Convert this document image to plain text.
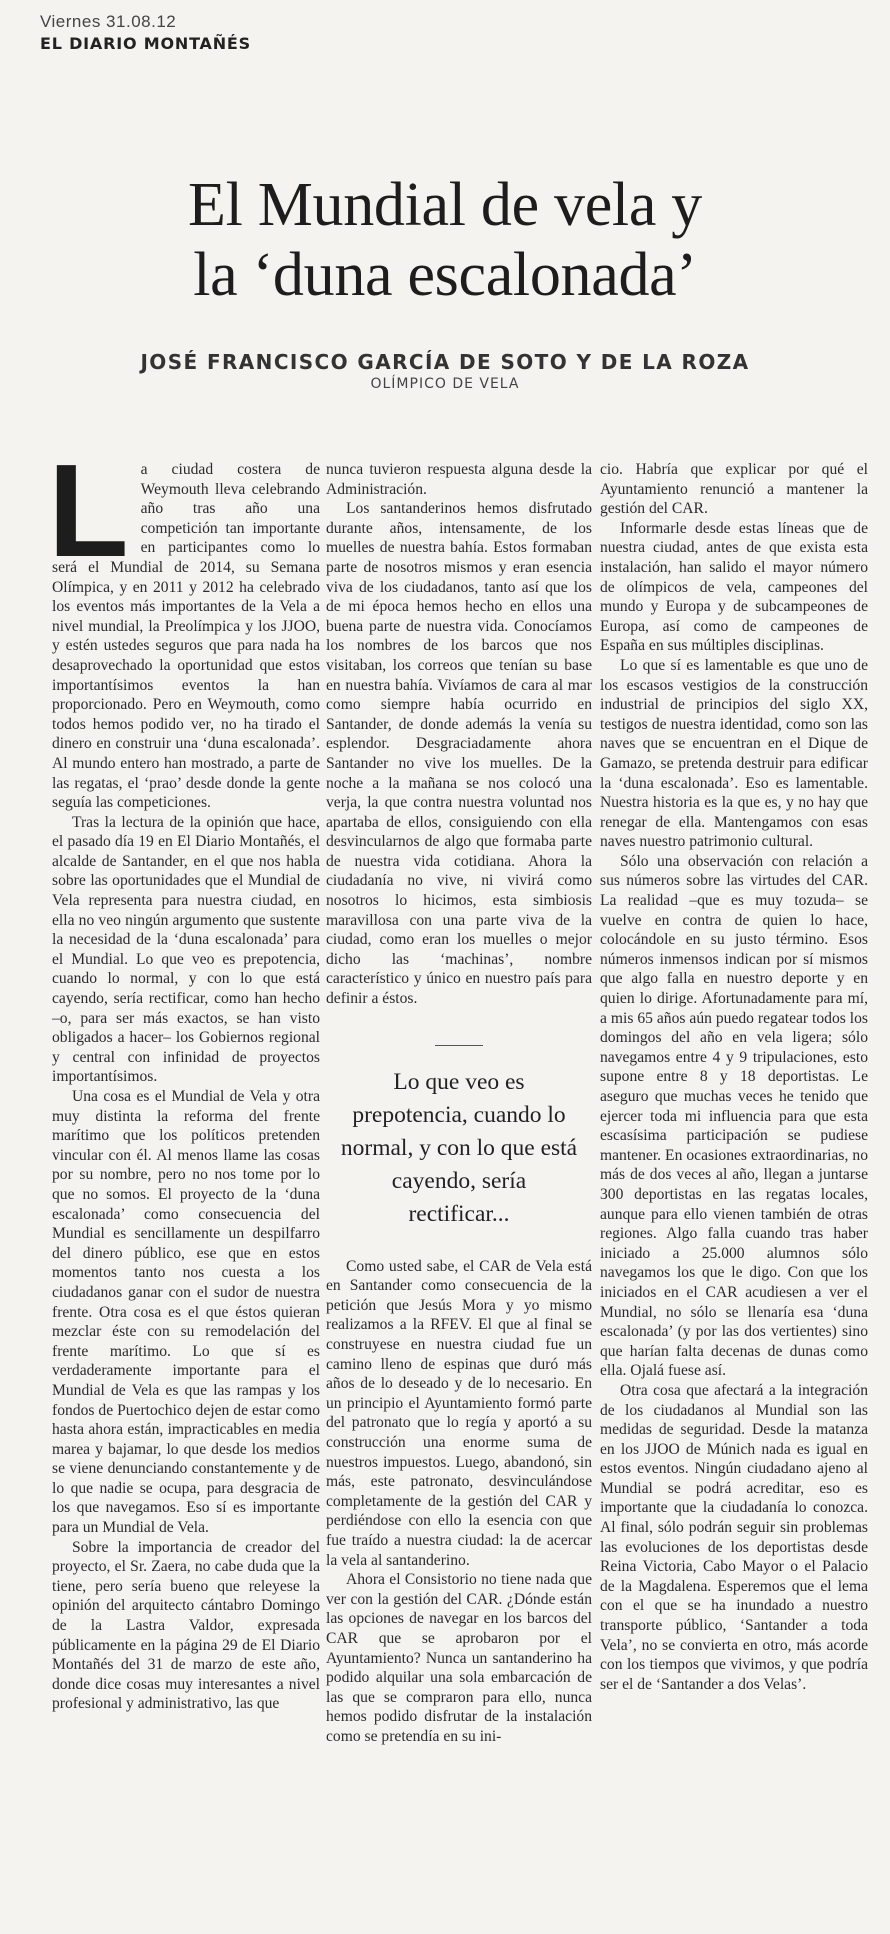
Viernes 31.08.12
EL DIARIO MONTAÑÉS
El Mundial de vela y
la ‘duna escalonada’
JOSÉ FRANCISCO GARCÍA DE SOTO Y DE LA ROZA
OLÍMPICO DE VELA
L a ciudad costera de Weymouth lleva celebrando año tras año una competición tan importante en participantes como lo será el Mundial de 2014, su Semana Olímpica, y en 2011 y 2012 ha celebrado los eventos más importantes de la Vela a nivel mundial, la Preolímpica y los JJOO, y estén ustedes seguros que para nada ha desaprovechado la oportunidad que estos importantísimos eventos la han proporcionado. Pero en Weymouth, como todos hemos podido ver, no ha tirado el dinero en construir una ‘duna escalonada’. Al mundo entero han mostrado, a parte de las regatas, el ‘prao’ desde donde la gente seguía las competiciones.

Tras la lectura de la opinión que hace, el pasado día 19 en El Diario Montañés, el alcalde de Santander, en el que nos habla sobre las oportunidades que el Mundial de Vela representa para nuestra ciudad, en ella no veo ningún argumento que sustente la necesidad de la ‘duna escalonada’ para el Mundial. Lo que veo es prepotencia, cuando lo normal, y con lo que está cayendo, sería rectificar, como han hecho –o, para ser más exactos, se han visto obligados a hacer– los Gobiernos regional y central con infinidad de proyectos importantísimos.

Una cosa es el Mundial de Vela y otra muy distinta la reforma del frente marítimo que los políticos pretenden vincular con él. Al menos llame las cosas por su nombre, pero no nos tome por lo que no somos. El proyecto de la ‘duna escalonada’ como consecuencia del Mundial es sencillamente un despilfarro del dinero público, ese que en estos momentos tanto nos cuesta a los ciudadanos ganar con el sudor de nuestra frente. Otra cosa es el que éstos quieran mezclar éste con su remodelación del frente marítimo. Lo que sí es verdaderamente importante para el Mundial de Vela es que las rampas y los fondos de Puertochico dejen de estar como hasta ahora están, impracticables en media marea y bajamar, lo que desde los medios se viene denunciando constantemente y de lo que nadie se ocupa, para desgracia de los que navegamos. Eso sí es importante para un Mundial de Vela.

Sobre la importancia de creador del proyecto, el Sr. Zaera, no cabe duda que la tiene, pero sería bueno que releyese la opinión del arquitecto cántabro Domingo de la Lastra Valdor, expresada públicamente en la página 29 de El Diario Montañés del 31 de marzo de este año, donde dice cosas muy interesantes a nivel profesional y administrativo, las que

nunca tuvieron respuesta alguna desde la Administración.

Los santanderinos hemos disfrutado durante años, intensamente, de los muelles de nuestra bahía. Estos formaban parte de nosotros mismos y eran esencia viva de los ciudadanos, tanto así que los de mi época hemos hecho en ellos una buena parte de nuestra vida. Conocíamos los nombres de los barcos que nos visitaban, los correos que tenían su base en nuestra bahía. Vivíamos de cara al mar como siempre había ocurrido en Santander, de donde además la venía su esplendor. Desgraciadamente ahora Santander no vive los muelles. De la noche a la mañana se nos colocó una verja, la que contra nuestra voluntad nos apartaba de ellos, consiguiendo con ella desvincularnos de algo que formaba parte de nuestra vida cotidiana. Ahora la ciudadanía no vive, ni vivirá como nosotros lo hicimos, esta simbiosis maravillosa con una parte viva de la ciudad, como eran los muelles o mejor dicho las ‘machinas’, nombre característico y único en nuestro país para definir a éstos.

Lo que veo es prepotencia, cuando lo normal, y con lo que está cayendo, sería rectificar...

Como usted sabe, el CAR de Vela está en Santander como consecuencia de la petición que Jesús Mora y yo mismo realizamos a la RFEV. El que al final se construyese en nuestra ciudad fue un camino lleno de espinas que duró más años de lo deseado y de lo necesario. En un principio el Ayuntamiento formó parte del patronato que lo regía y aportó a su construcción una enorme suma de nuestros impuestos. Luego, abandonó, sin más, este patronato, desvinculándose completamente de la gestión del CAR y perdiéndose con ello la esencia con que fue traído a nuestra ciudad: la de acercar la vela al santanderino.

Ahora el Consistorio no tiene nada que ver con la gestión del CAR. ¿Dónde están las opciones de navegar en los barcos del CAR que se aprobaron por el Ayuntamiento? Nunca un santanderino ha podido alquilar una sola embarcación de las que se compraron para ello, nunca hemos podido disfrutar de la instalación como se pretendía en su ini-

cio. Habría que explicar por qué el Ayuntamiento renunció a mantener la gestión del CAR.

Informarle desde estas líneas que de nuestra ciudad, antes de que exista esta instalación, han salido el mayor número de olímpicos de vela, campeones del mundo y Europa y de subcampeones de Europa, así como de campeones de España en sus múltiples disciplinas.

Lo que sí es lamentable es que uno de los escasos vestigios de la construcción industrial de principios del siglo XX, testigos de nuestra identidad, como son las naves que se encuentran en el Dique de Gamazo, se pretenda destruir para edificar la ‘duna escalonada’. Eso es lamentable. Nuestra historia es la que es, y no hay que renegar de ella. Mantengamos con esas naves nuestro patrimonio cultural.

Sólo una observación con relación a sus números sobre las virtudes del CAR. La realidad –que es muy tozuda– se vuelve en contra de quien lo hace, colocándole en su justo término. Esos números inmensos indican por sí mismos que algo falla en nuestro deporte y en quien lo dirige. Afortunadamente para mí, a mis 65 años aún puedo regatear todos los domingos del año en vela ligera; sólo navegamos entre 4 y 9 tripulaciones, esto supone entre 8 y 18 deportistas. Le aseguro que muchas veces he tenido que ejercer toda mi influencia para que esta escasísima participación se pudiese mantener. En ocasiones extraordinarias, no más de dos veces al año, llegan a juntarse 300 deportistas en las regatas locales, aunque para ello vienen también de otras regiones. Algo falla cuando tras haber iniciado a 25.000 alumnos sólo navegamos los que le digo. Con que los iniciados en el CAR acudiesen a ver el Mundial, no sólo se llenaría esa ‘duna escalonada’ (y por las dos vertientes) sino que harían falta decenas de dunas como ella. Ojalá fuese así.

Otra cosa que afectará a la integración de los ciudadanos al Mundial son las medidas de seguridad. Desde la matanza en los JJOO de Múnich nada es igual en estos eventos. Ningún ciudadano ajeno al Mundial se podrá acreditar, eso es importante que la ciudadanía lo conozca. Al final, sólo podrán seguir sin problemas las evoluciones de los deportistas desde Reina Victoria, Cabo Mayor o el Palacio de la Magdalena. Esperemos que el lema con el que se ha inundado a nuestro transporte público, ‘Santander a toda Vela’, no se convierta en otro, más acorde con los tiempos que vivimos, y que podría ser el de ‘Santander a dos Velas’.
